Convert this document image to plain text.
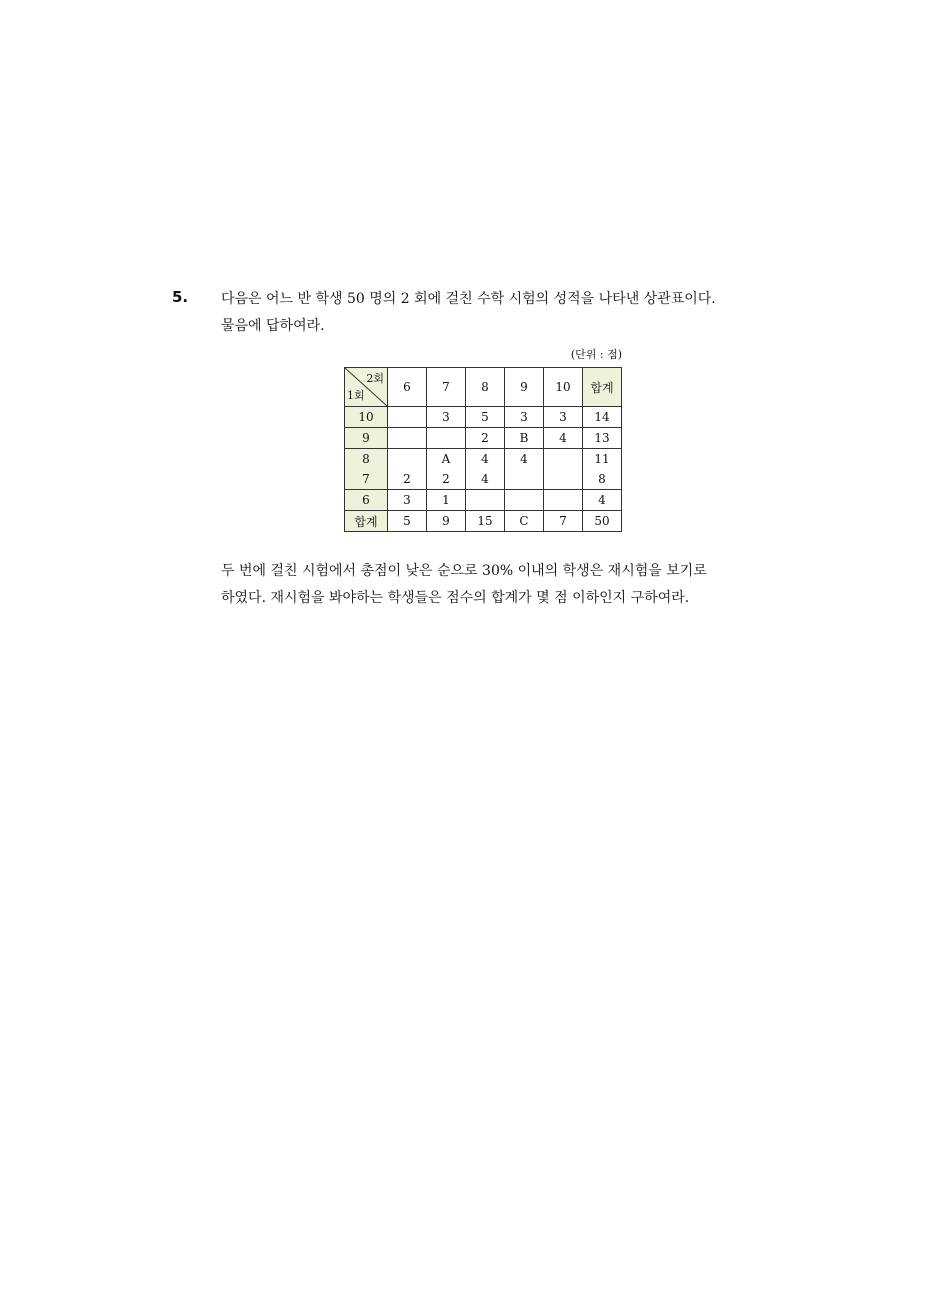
5. 다음은 어느 반 학생 50 명의 2 회에 걸친 수학 시험의 성적을 나타낸 상관표이다.
물음에 답하여라.
(단위 : 점)
2회
1회	6	7	8	9	10	합계
10		3	5	3	3	14
9			2	B	4	13
8		A	4	4		11
7	2	2	4			8
6	3	1				4
합계	5	9	15	C	7	50
두 번에 걸친 시험에서 총점이 낮은 순으로 30% 이내의 학생은 재시험을 보기로
하였다. 재시험을 봐야하는 학생들은 점수의 합계가 몇 점 이하인지 구하여라.
